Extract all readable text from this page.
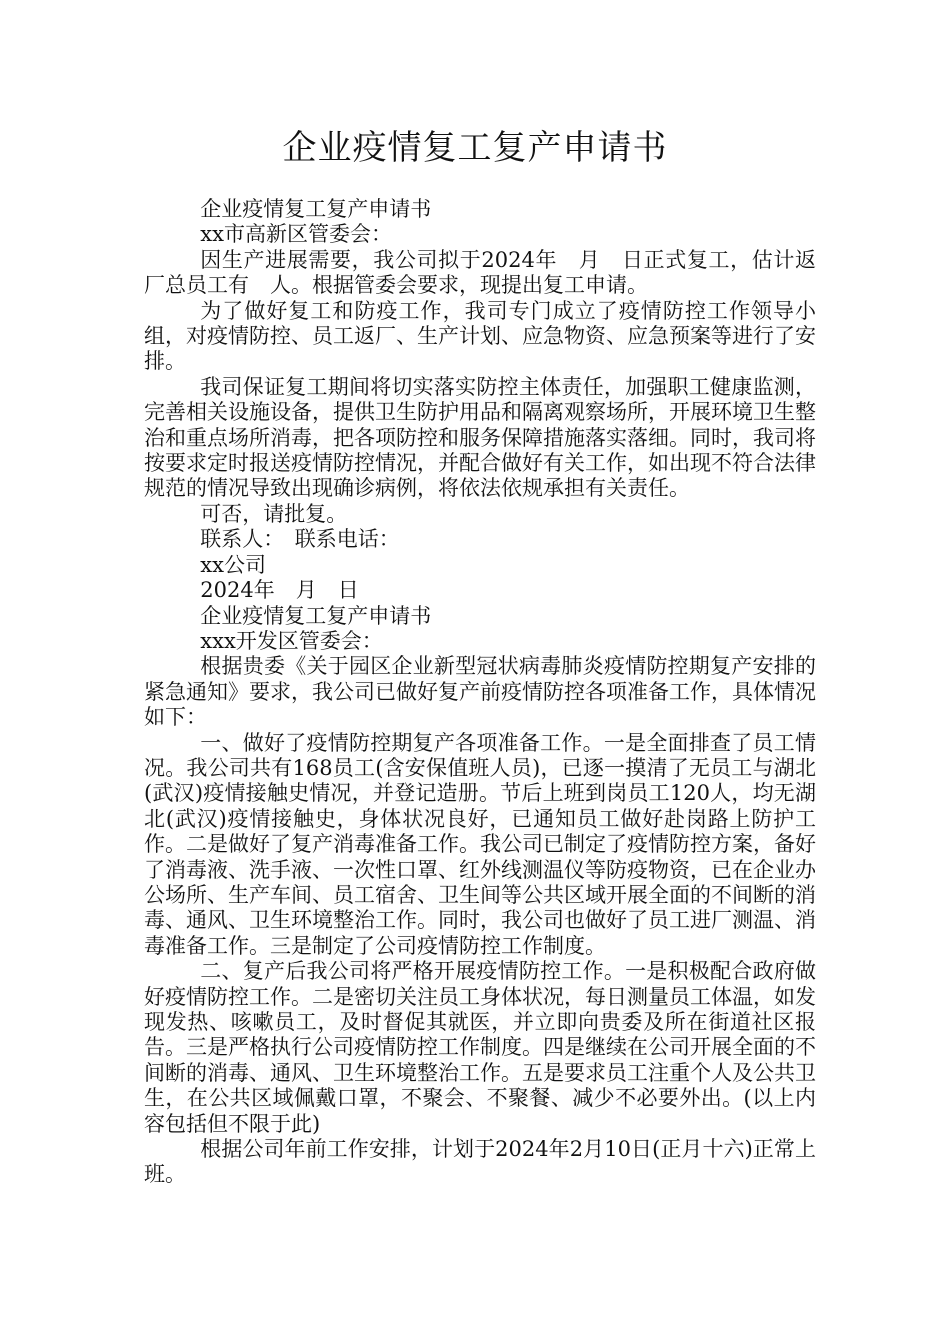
企业疫情复工复产申请书

企业疫情复工复产申请书

xx市高新区管委会：

因生产进展需要，我公司拟于2024年　月　日正式复工，估计返厂总员工有　人。根据管委会要求，现提出复工申请。

为了做好复工和防疫工作，我司专门成立了疫情防控工作领导小组，对疫情防控、员工返厂、生产计划、应急物资、应急预案等进行了安排。

我司保证复工期间将切实落实防控主体责任，加强职工健康监测，完善相关设施设备，提供卫生防护用品和隔离观察场所，开展环境卫生整治和重点场所消毒，把各项防控和服务保障措施落实落细。同时，我司将按要求定时报送疫情防控情况，并配合做好有关工作，如出现不符合法律规范的情况导致出现确诊病例，将依法依规承担有关责任。

可否，请批复。

联系人：　联系电话：

xx公司

2024年　月　日

企业疫情复工复产申请书

xxx开发区管委会：

根据贵委《关于园区企业新型冠状病毒肺炎疫情防控期复产安排的紧急通知》要求，我公司已做好复产前疫情防控各项准备工作，具体情况如下：

一、做好了疫情防控期复产各项准备工作。一是全面排查了员工情况。我公司共有168员工(含安保值班人员)，已逐一摸清了无员工与湖北(武汉)疫情接触史情况，并登记造册。节后上班到岗员工120人，均无湖北(武汉)疫情接触史，身体状况良好，已通知员工做好赴岗路上防护工作。二是做好了复产消毒准备工作。我公司已制定了疫情防控方案，备好了消毒液、洗手液、一次性口罩、红外线测温仪等防疫物资，已在企业办公场所、生产车间、员工宿舍、卫生间等公共区域开展全面的不间断的消毒、通风、卫生环境整治工作。同时，我公司也做好了员工进厂测温、消毒准备工作。三是制定了公司疫情防控工作制度。

二、复产后我公司将严格开展疫情防控工作。一是积极配合政府做好疫情防控工作。二是密切关注员工身体状况，每日测量员工体温，如发现发热、咳嗽员工，及时督促其就医，并立即向贵委及所在街道社区报告。三是严格执行公司疫情防控工作制度。四是继续在公司开展全面的不间断的消毒、通风、卫生环境整治工作。五是要求员工注重个人及公共卫生，在公共区域佩戴口罩，不聚会、不聚餐、减少不必要外出。(以上内容包括但不限于此)

根据公司年前工作安排，计划于2024年2月10日(正月十六)正常上班。
